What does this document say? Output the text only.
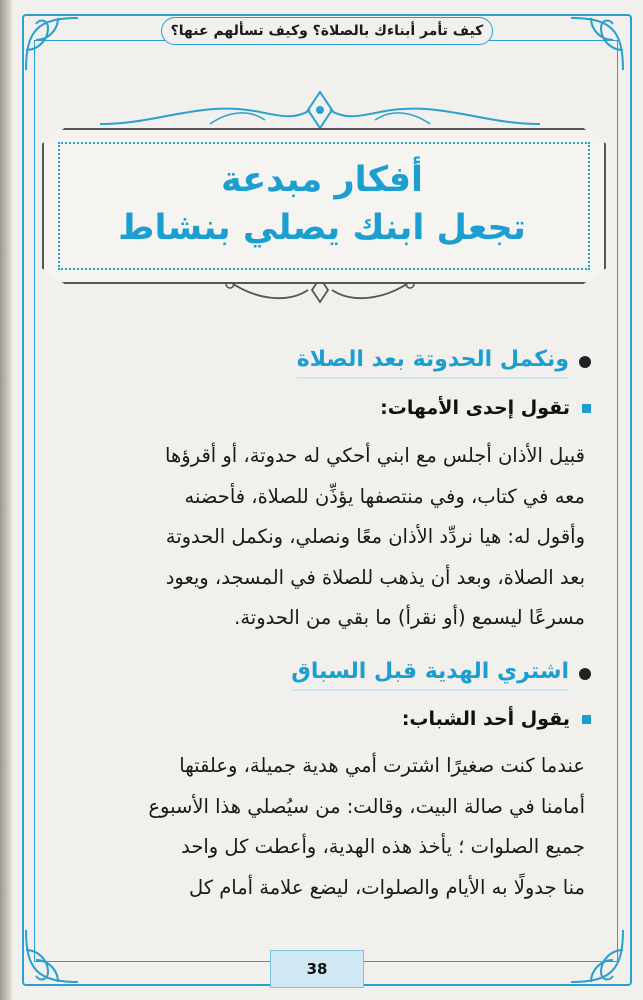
كيف تأمر أبناءك بالصلاة؟ وكيف تسألهم عنها؟
أفكار مبدعة
تجعل ابنك يصلي بنشاط
ونكمل الحدوتة بعد الصلاة
تقول إحدى الأمهات:
قبيل الأذان أجلس مع ابني أحكي له حدوتة، أو أقرؤها
معه في كتاب، وفي منتصفها يؤذِّن للصلاة، فأحضنه
وأقول له: هيا نردِّد الأذان معًا ونصلي، ونكمل الحدوتة
بعد الصلاة، وبعد أن يذهب للصلاة في المسجد، ويعود
مسرعًا ليسمع (أو نقرأ) ما بقي من الحدوتة.
اشتري الهدية قبل السباق
يقول أحد الشباب:
عندما كنت صغيرًا اشترت أمي هدية جميلة، وعلقتها
أمامنا في صالة البيت، وقالت: من سيُصلي هذا الأسبوع
جميع الصلوات ؛ يأخذ هذه الهدية، وأعطت كل واحد
منا جدولًا به الأيام والصلوات، ليضع علامة أمام كل
38
